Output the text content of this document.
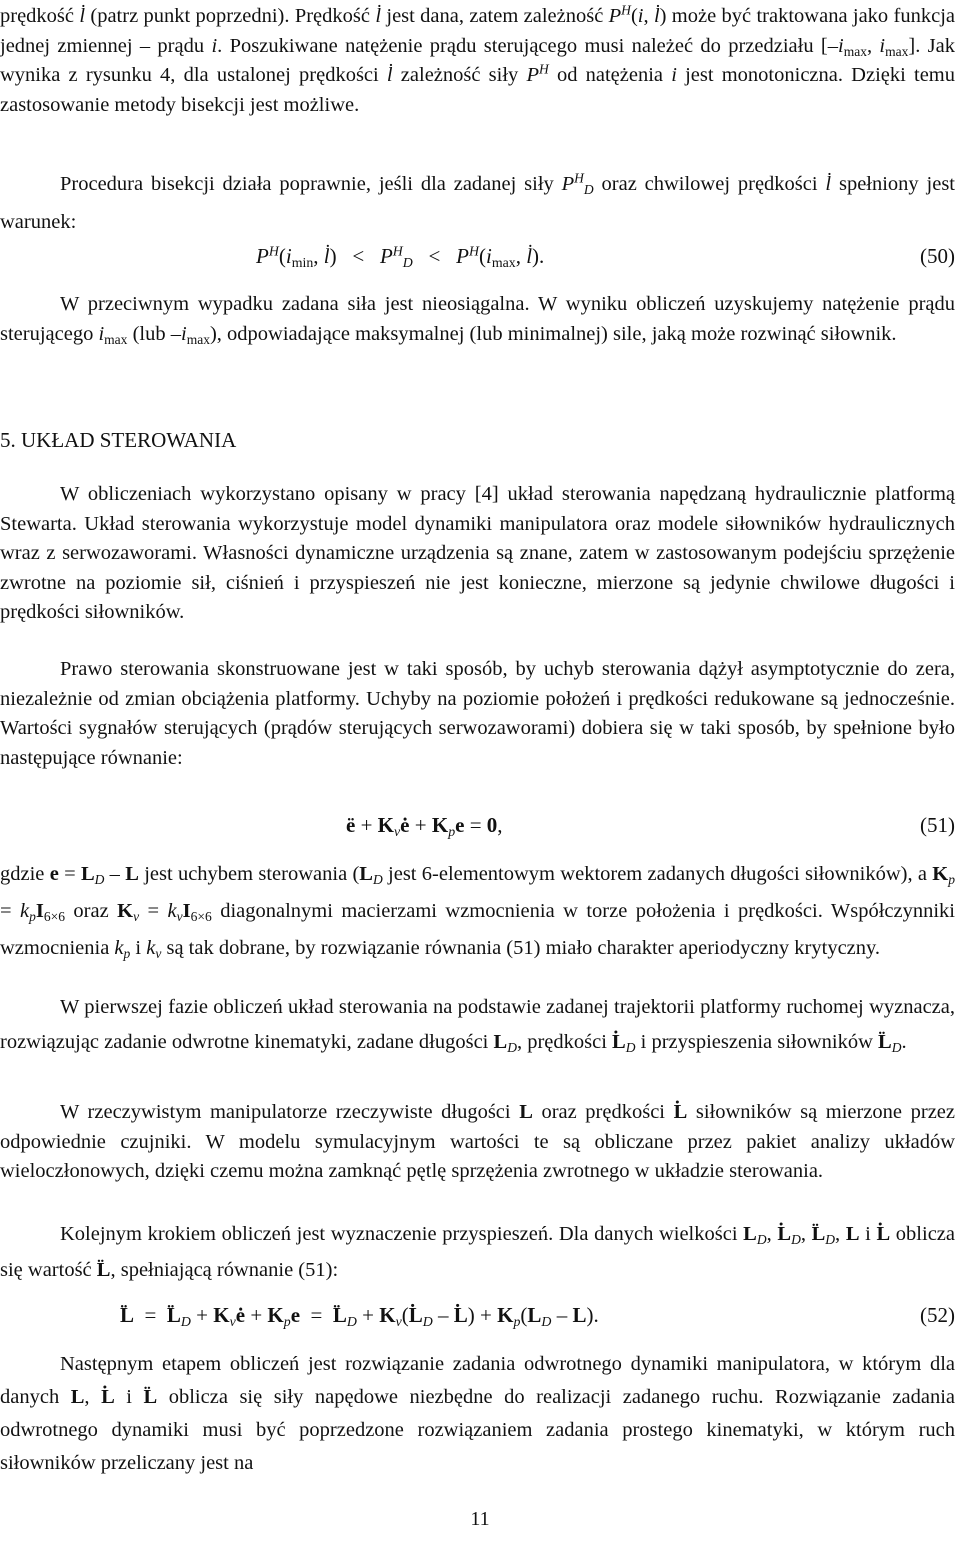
prędkość l̇ (patrz punkt poprzedni). Prędkość l̇ jest dana, zatem zależność $P^H(i$, l̇) może być traktowana jako funkcja jednej zmiennej – prądu i. Poszukiwane natężenie prądu sterującego musi należeć do przedziału [$-i_{max}$, $i_{max}$]. Jak wynika z rysunku 4, dla ustalonej prędkości l̇ zależność siły $P^H$ od natężenia i jest monotoniczna. Dzięki temu zastosowanie metody bisekcji jest możliwe.

Procedura bisekcji działa poprawnie, jeśli dla zadanej siły $P^H_D$ oraz chwilowej prędkości l̇ spełniony jest warunek:

$P^H(i_{min}$, l̇)   <   $P^H_D < P^H(i_{max}$, l̇).	(50)

W przeciwnym wypadku zadana siła jest nieosiągalna. W wyniku obliczeń uzyskujemy natężenie prądu sterującego $i_{max}$ (lub $-i_{max}$), odpowiadające maksymalnej (lub minimalnej) sile, jaką może rozwinąć siłownik.

5. UKŁAD STEROWANIA

W obliczeniach wykorzystano opisany w pracy [4] układ sterowania napędzaną hydraulicznie platformą Stewarta. Układ sterowania wykorzystuje model dynamiki manipulatora oraz modele siłowników hydraulicznych wraz z serwozaworami. Własności dynamiczne urządzenia są znane, zatem w zastosowanym podejściu sprzężenie zwrotne na poziomie sił, ciśnień i przyspieszeń nie jest konieczne, mierzone są jedynie chwilowe długości i prędkości siłowników.

Prawo sterowania skonstruowane jest w taki sposób, by uchyb sterowania dążył asymptotycznie do zera, niezależnie od zmian obciążenia platformy. Uchyby na poziomie położeń i prędkości redukowane są jednocześnie. Wartości sygnałów sterujących (prądów sterujących serwozaworami) dobiera się w taki sposób, by spełnione było następujące równanie:

ë + $K_vė + K_pe = 0$,	(51)

gdzie $e = L_D - L$ jest uchybem sterowania ($L_D$ jest 6-elementowym wektorem zadanych długości siłowników), a $K_p = k_pI_{6\times 6}$ oraz $K_v = k_vI_{6\times 6}$ diagonalnymi macierzami wzmocnienia w torze położenia i prędkości. Współczynniki wzmocnienia $k_p$ i $k_v$ są tak dobrane, by rozwiązanie równania (51) miało charakter aperiodyczny krytyczny.

W pierwszej fazie obliczeń układ sterowania na podstawie zadanej trajektorii platformy ruchomej wyznacza, rozwiązując zadanie odwrotne kinematyki, zadane długości $L_D$, prędkości $L̇_D$ i przyspieszenia siłowników $L̈_D$.

W rzeczywistym manipulatorze rzeczywiste długości L oraz prędkości L̇ siłowników są mierzone przez odpowiednie czujniki. W modelu symulacyjnym wartości te są obliczane przez pakiet analizy układów wieloczłonowych, dzięki czemu można zamknąć pętlę sprzężenia zwrotnego w układzie sterowania.

Kolejnym krokiem obliczeń jest wyznaczenie przyspieszeń. Dla danych wielkości $L_D$, $L̇_D$, $L̈_D$, L i L̇ oblicza się wartość L̈, spełniającą równanie (51):

L̈  =  $L̈_D$ + $K_vė + K_pe$  =  $L̈_D$ + $K_v(L̇_D$ – L̇) + $K_p(L_D - L)$.	(52)

Następnym etapem obliczeń jest rozwiązanie zadania odwrotnego dynamiki manipulatora, w którym dla danych L, L̇ i L̈ oblicza się siły napędowe niezbędne do realizacji zadanego ruchu. Rozwiązanie zadania odwrotnego dynamiki musi być poprzedzone rozwiązaniem zadania prostego kinematyki, w którym ruch siłowników przeliczany jest na

11
